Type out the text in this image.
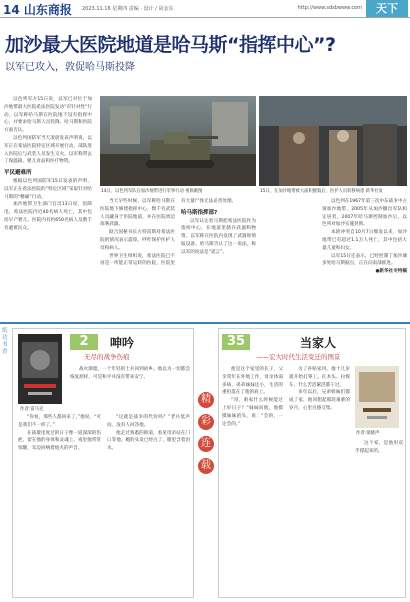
14 山东商报 2023.11.16 星期四 责编 · 设计 / 胡金东	http://www.sdsbwww.com	天下
加沙最大医院地道是哈马斯“指挥中心”?
以军已攻入，敦促哈马斯投降

以色列军方15日说，以军已对位于加沙地带最大医院希法医院发动“有针对性”行动。以军称哈马斯在医院地下设有指挥中心，并要求哈马斯人员投降。哈马斯和医院方面否认。

以色列国防军当天凌晨发表声明说，以军正在希法医院特定区域开展行动，部队进入医院后与武装人员发生交火。以军称带去了保温箱、婴儿食品和医疗物资。

平民避难所

根据以色列国防军15日发表的声明，以军正在希法医院的“特定区域”采取针对哈马斯的“精确”行动。

加沙地带卫生部门官员13日说，因缺电，希法医院内近40名病人死亡，其中包括早产婴儿。医院内有约650名病人及数千名避难民众。

14日，以色列军队在加沙地带进行军事行动 视频截图	15日，在加沙地带被大面积摧毁后，医护人员转移病患 新华社发

当天早些时候，以军称哈马斯在医院地下修建指挥中心，数千名武装人员藏身于医院地道，并在医院周边部署武器。

联合国秘书长古特雷斯对希法医院的情况表示震惊，呼吁保护医护人员和病人。

世界卫生组织说，希法医院已不再是一所能正常运转的医院，医院里有大量尸体无法妥善处理。

哈马斯指挥部?

以军认定哈马斯把希法医院作为指挥中心，在地道里储存武器和物资。以军称在医院内发现了武器和情报设备。哈马斯否认了这一说法，称以军的说法是“谎言”。

以色列在1967年第三次中东战争中占领加沙地带，2005年从加沙撤出军队和定居者。2007年哈马斯控制加沙后，以色列对加沙实施封锁。

本轮冲突自10月7日爆发以来，加沙地带已有超过1.1万人死亡，其中包括大量儿童和妇女。

以军15日还表示，已经控制了加沙城多处哈马斯据点，正在向南部推进。

●新华社专特稿

纸边书香
作者:雷马克
2	呻吟
无尽的战争伤痕

战火渐熄，一个年轻的士兵回到故乡。他以为一切都会恢复原样，可是和平并没有带来安宁。

“你看，那些人都回来了，”他说，“可是我们不一样了。”

在战壕里度过的日子像一道深深的伤疤，留在他的身体和灵魂上。夜里他常常惊醒，耳边回响着炮火的声音。

“这就是战争的代价吗？”老兵低声问。没有人回答他。

他走过熟悉的街道，看见母亲站在门口等他。她的头发已经白了，眼里含着泪水。

精
彩
连
载
35	当家人
——宏大时代生活变迁的图景
作者:梁晓声

他是这个家里的长子，父亲常年在外地工作，母亲体弱多病，弟弟妹妹还小，生活的重担落在了他的肩上。

“哥，咱家什么时候能过上好日子？”妹妹问他。他摸摸妹妹的头，说：“会的，一定会的。”

为了补贴家用，他十几岁就开始打零工。扛木头、拉煤车，什么苦活累活都干过。

多年以后，兄弟姐妹们都成了家，他回想起那段艰难的岁月，心里百感交集。

这个家，是他用双手撑起来的。
